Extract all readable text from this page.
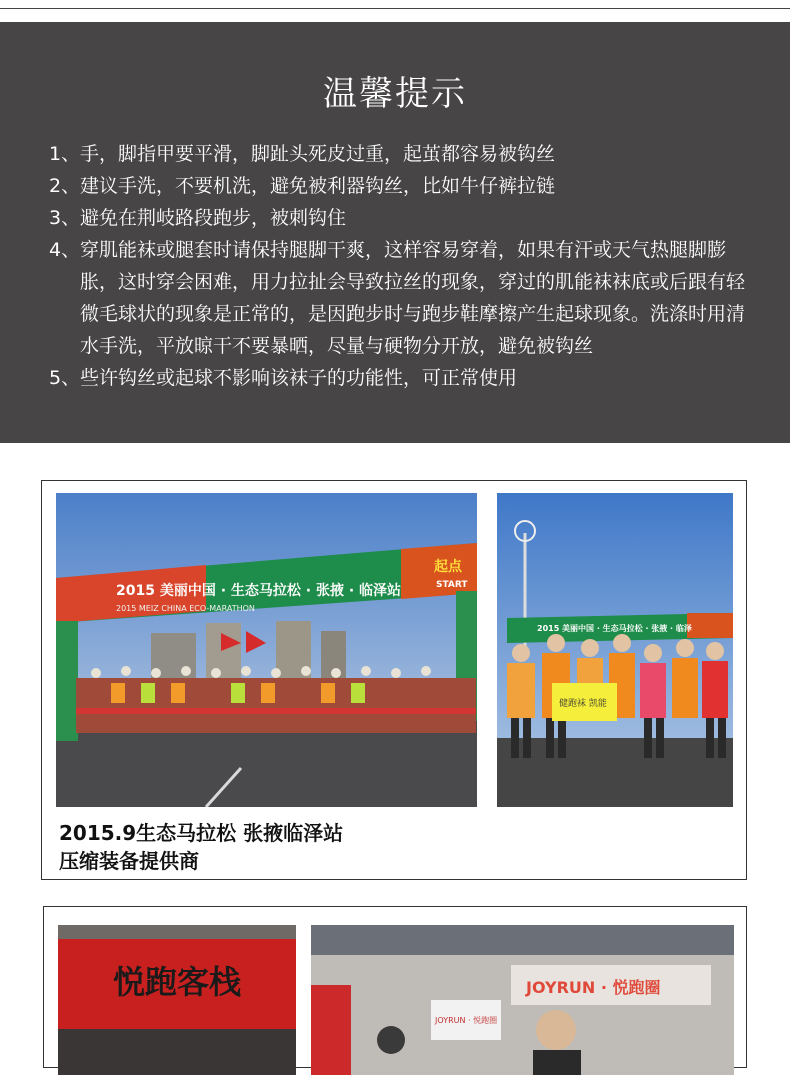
温馨提示
1、 手，脚指甲要平滑，脚趾头死皮过重，起茧都容易被钩丝
2、 建议手洗，不要机洗，避免被利器钩丝，比如牛仔裤拉链
3、 避免在荆岐路段跑步，被刺钩住
4、 穿肌能袜或腿套时请保持腿脚干爽，这样容易穿着，如果有汗或天气热腿脚膨胀，这时穿会困难，用力拉扯会导致拉丝的现象，穿过的肌能袜袜底或后跟有轻微毛球状的现象是正常的，是因跑步时与跑步鞋摩擦产生起球现象。洗涤时用清水手洗，平放晾干不要暴晒，尽量与硬物分开放，避免被钩丝
5、 些许钩丝或起球不影响该袜子的功能性，可正常使用
2015 美丽中国 · 生态马拉松 · 张掖 · 临泽站
2015 MEIZ CHINA ECO-MARATHON
起点
START
2015 美丽中国 · 生态马拉松 · 张掖 · 临泽
健跑袜 凯能
2015.9生态马拉松 张掖临泽站
压缩装备提供商
悦跑客栈	JOYRUN · 悦跑圈
JOYRUN · 悦跑圈
